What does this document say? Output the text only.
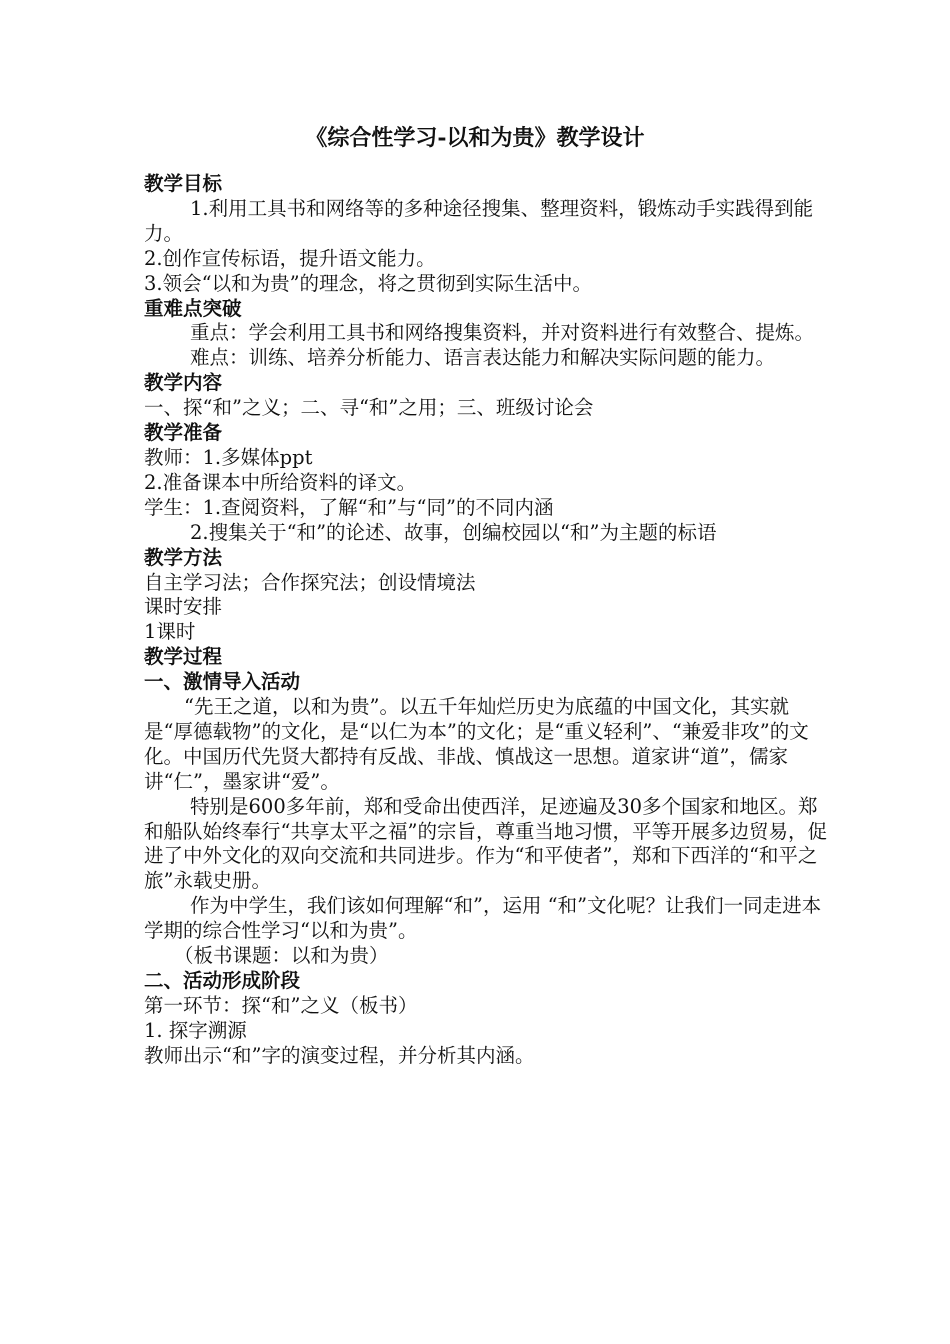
《综合性学习-以和为贵》教学设计

教学目标

1.利用工具书和网络等的多种途径搜集、整理资料，锻炼动手实践得到能力。

2.创作宣传标语，提升语文能力。

3.领会“以和为贵”的理念，将之贯彻到实际生活中。

重难点突破

重点：学会利用工具书和网络搜集资料，并对资料进行有效整合、提炼。

难点：训练、培养分析能力、语言表达能力和解决实际问题的能力。

教学内容

一、探“和”之义；二、寻“和”之用；三、班级讨论会

教学准备

教师：1.多媒体ppt

2.准备课本中所给资料的译文。

学生：1.查阅资料，了解“和”与“同”的不同内涵

2.搜集关于“和”的论述、故事，创编校园以“和”为主题的标语

教学方法

自主学习法；合作探究法；创设情境法

课时安排

1课时

教学过程

一、激情导入活动

“先王之道，以和为贵”。以五千年灿烂历史为底蕴的中国文化，其实就是“厚德载物”的文化，是“以仁为本”的文化；是“重义轻利”、“兼爱非攻”的文化。中国历代先贤大都持有反战、非战、慎战这一思想。道家讲“道”，儒家讲“仁”，墨家讲“爱”。

特别是600多年前，郑和受命出使西洋，足迹遍及30多个国家和地区。郑和船队始终奉行“共享太平之福”的宗旨，尊重当地习惯，平等开展多边贸易，促进了中外文化的双向交流和共同进步。作为“和平使者”，郑和下西洋的“和平之旅”永载史册。

作为中学生，我们该如何理解“和”，运用 “和”文化呢？让我们一同走进本学期的综合性学习“以和为贵”。

（板书课题：以和为贵）

二、活动形成阶段

第一环节：探“和”之义（板书）

1. 探字溯源

教师出示“和”字的演变过程，并分析其内涵。
